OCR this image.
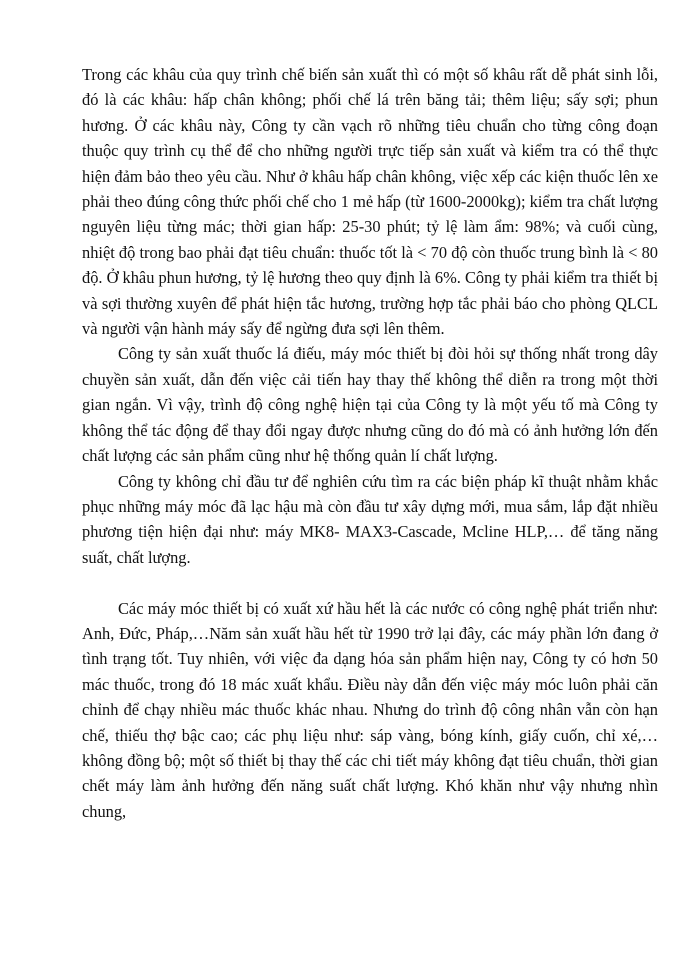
Trong các khâu của quy trình chế biến sản xuất thì có một số khâu rất dễ phát sinh lỗi, đó là các khâu: hấp chân không; phối chế lá trên băng tải; thêm liệu; sấy sợi; phun hương. Ở các khâu này, Công ty cần vạch rõ những tiêu chuẩn cho từng công đoạn thuộc quy trình cụ thể để cho những người trực tiếp sản xuất và kiểm tra có thể thực hiện đảm bảo theo yêu cầu. Như ở khâu hấp chân không, việc xếp các kiện thuốc lên xe phải theo đúng công thức phối chế cho 1 mẻ hấp (từ 1600-2000kg); kiểm tra chất lượng nguyên liệu từng mác; thời gian hấp: 25-30 phút; tỷ lệ làm ẩm: 98%; và cuối cùng, nhiệt độ trong bao phải đạt tiêu chuẩn: thuốc tốt là < 70 độ còn thuốc trung bình là < 80 độ. Ở khâu phun hương, tỷ lệ hương theo quy định là 6%. Công ty phải kiểm tra thiết bị và sợi thường xuyên để phát hiện tắc hương, trường hợp tắc phải báo cho phòng QLCL và người vận hành máy sấy để ngừng đưa sợi lên thêm.

Công ty sản xuất thuốc lá điếu, máy móc thiết bị đòi hỏi sự thống nhất trong dây chuyền sản xuất, dẫn đến việc cải tiến hay thay thế không thể diễn ra trong một thời gian ngắn. Vì vậy, trình độ công nghệ hiện tại của Công ty là một yếu tố mà Công ty không thể tác động để thay đổi ngay được nhưng cũng do đó mà có ảnh hưởng lớn đến chất lượng các sản phẩm cũng như hệ thống quản lí chất lượng.

Công ty không chỉ đầu tư để nghiên cứu tìm ra các biện pháp kĩ thuật nhằm khắc phục những máy móc đã lạc hậu mà còn đầu tư xây dựng mới, mua sắm, lắp đặt nhiều phương tiện hiện đại như: máy MK8- MAX3-Cascade, Mcline HLP,… để tăng năng suất, chất lượng.

Các máy móc thiết bị có xuất xứ hầu hết là các nước có công nghệ phát triển như: Anh, Đức, Pháp,…Năm sản xuất hầu hết từ 1990 trở lại đây, các máy phần lớn đang ở tình trạng tốt. Tuy nhiên, với việc đa dạng hóa sản phẩm hiện nay, Công ty có hơn 50 mác thuốc, trong đó 18 mác xuất khẩu. Điều này dẫn đến việc máy móc luôn phải căn chỉnh để chạy nhiều mác thuốc khác nhau. Nhưng do trình độ công nhân vẫn còn hạn chế, thiếu thợ bậc cao; các phụ liệu như: sáp vàng, bóng kính, giấy cuốn, chỉ xé,…không đồng bộ; một số thiết bị thay thế các chi tiết máy không đạt tiêu chuẩn, thời gian chết máy làm ảnh hưởng đến năng suất chất lượng. Khó khăn như vậy nhưng nhìn chung,
